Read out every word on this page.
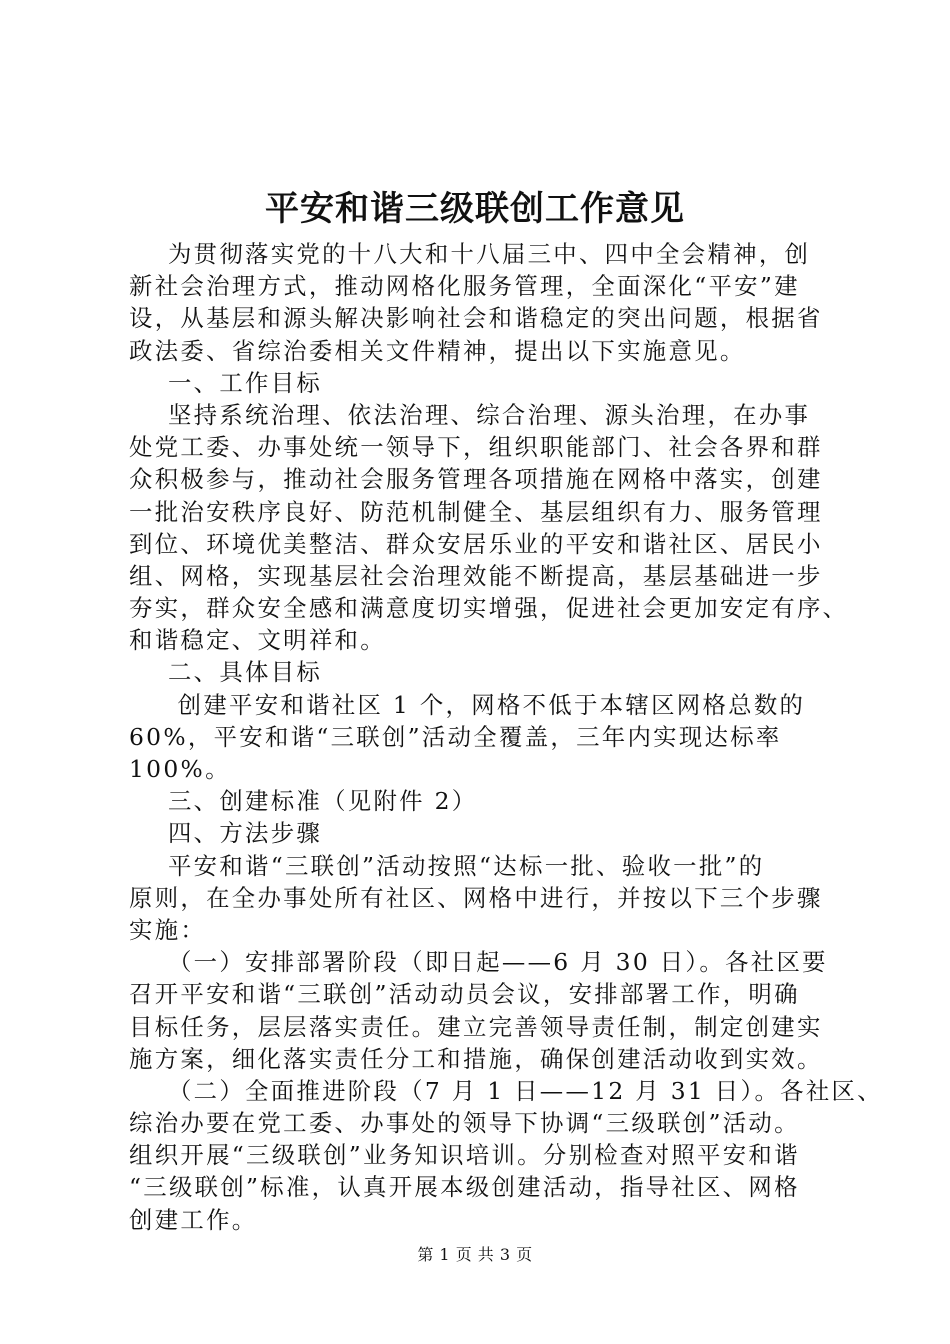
平安和谐三级联创工作意见
为贯彻落实党的十八大和十八届三中、四中全会精神，创
新社会治理方式，推动网格化服务管理，全面深化“平安”建
设，从基层和源头解决影响社会和谐稳定的突出问题，根据省
政法委、省综治委相关文件精神，提出以下实施意见。
一、工作目标
坚持系统治理、依法治理、综合治理、源头治理，在办事
处党工委、办事处统一领导下，组织职能部门、社会各界和群
众积极参与，推动社会服务管理各项措施在网格中落实，创建
一批治安秩序良好、防范机制健全、基层组织有力、服务管理
到位、环境优美整洁、群众安居乐业的平安和谐社区、居民小
组、网格，实现基层社会治理效能不断提高，基层基础进一步
夯实，群众安全感和满意度切实增强，促进社会更加安定有序、
和谐稳定、文明祥和。
二、具体目标
创建平安和谐社区 1 个，网格不低于本辖区网格总数的
60%，平安和谐“三联创”活动全覆盖，三年内实现达标率
100%。
三、创建标准（见附件 2）
四、方法步骤
平安和谐“三联创”活动按照“达标一批、验收一批”的
原则，在全办事处所有社区、网格中进行，并按以下三个步骤
实施：
（一）安排部署阶段（即日起——6 月 30 日）。各社区要
召开平安和谐“三联创”活动动员会议，安排部署工作，明确
目标任务，层层落实责任。建立完善领导责任制，制定创建实
施方案，细化落实责任分工和措施，确保创建活动收到实效。
（二）全面推进阶段（7 月 1 日——12 月 31 日）。各社区、
综治办要在党工委、办事处的领导下协调“三级联创”活动。
组织开展“三级联创”业务知识培训。分别检查对照平安和谐
“三级联创”标准，认真开展本级创建活动，指导社区、网格
创建工作。
第 1 页 共 3 页
